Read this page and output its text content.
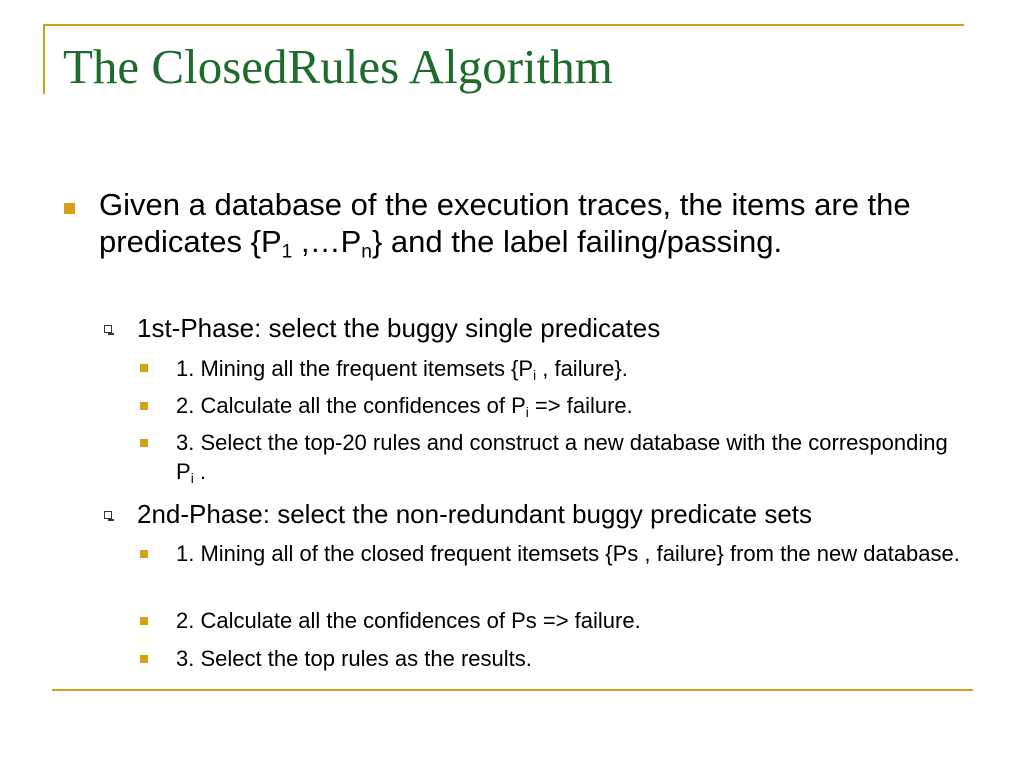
The ClosedRules Algorithm
Given a database of the execution traces, the items are the predicates {$P_1$ $,\dots P_n$} and the label failing/passing.
1st-Phase: select the buggy single predicates
1. Mining all the frequent itemsets {$P_i$ , failure}.
2. Calculate all the confidences of $P_i$ => failure.
3. Select the top-20 rules and construct a new database with the corresponding $P_i$ .
2nd-Phase: select the non-redundant buggy predicate sets
1. Mining all of the closed frequent itemsets {Ps , failure} from the new database.
2. Calculate all the confidences of Ps => failure.
3. Select the top rules as the results.
